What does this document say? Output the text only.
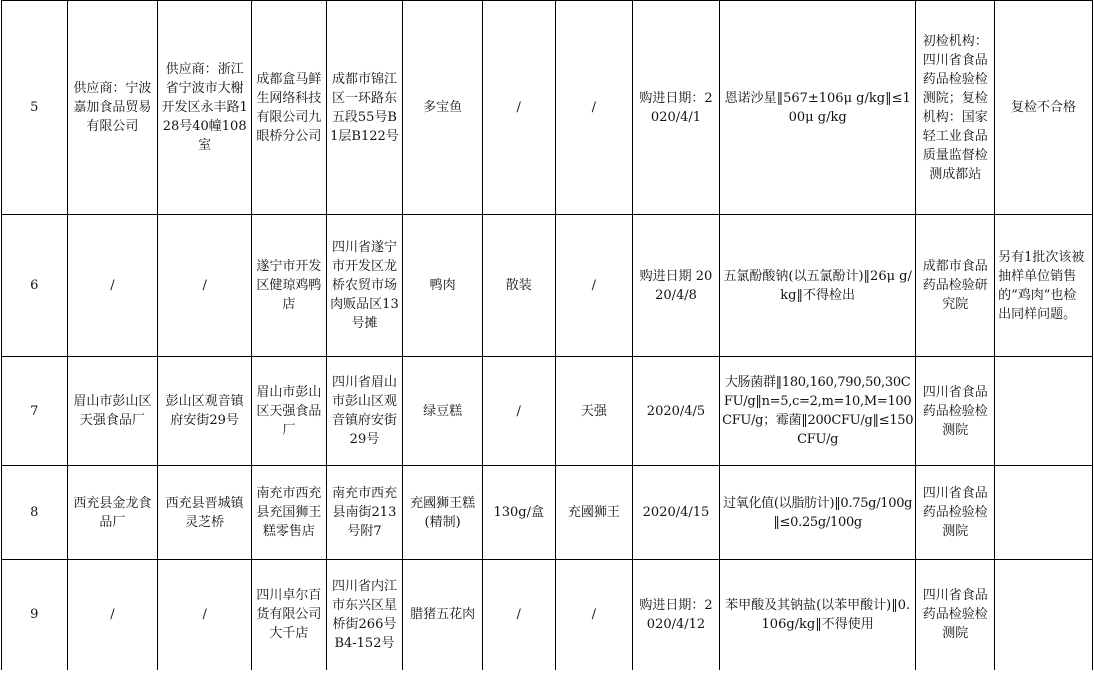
5	供应商：宁波嘉加食品贸易有限公司	供应商：浙江省宁波市大榭开发区永丰路128号40幢108室	成都盒马鲜生网络科技有限公司九眼桥分公司	成都市锦江区一环路东五段55号B1层B122号	多宝鱼	/	/	购进日期：2020/4/1	恩诺沙星‖567±106μ g/kg‖≤100μ g/kg	初检机构：四川省食品药品检验检测院；复检机构：国家轻工业食品质量监督检测成都站	复检不合格
6	/	/	遂宁市开发区健琼鸡鸭店	四川省遂宁市开发区龙桥农贸市场肉贩品区13号摊	鸭肉	散装	/	购进日期 2020/4/8	五氯酚酸钠(以五氯酚计)‖26μ g/kg‖不得检出	成都市食品药品检验研究院	另有1批次该被抽样单位销售的“鸡肉”也检出同样问题。
7	眉山市彭山区天强食品厂	彭山区观音镇府安街29号	眉山市彭山区天强食品厂	四川省眉山市彭山区观音镇府安街29号	绿豆糕	/	天强	2020/4/5	大肠菌群‖180,160,790,50,30CFU/g‖n=5,c=2,m=10,M=100CFU/g；霉菌‖200CFU/g‖≤150CFU/g	四川省食品药品检验检测院	
8	西充县金龙食品厂	西充县晋城镇灵芝桥	南充市西充县充国狮王糕零售店	南充市西充县南街213号附7	充國狮王糕(精制)	130g/盒	充國狮王	2020/4/15	过氧化值(以脂肪计)‖0.75g/100g‖≤0.25g/100g	四川省食品药品检验检测院	
9	/	/	四川卓尔百货有限公司大千店	四川省内江市东兴区星桥街266号B4-152号	腊猪五花肉	/	/	购进日期：2020/4/12	苯甲酸及其钠盐(以苯甲酸计)‖0.106g/kg‖不得使用	四川省食品药品检验检测院	
